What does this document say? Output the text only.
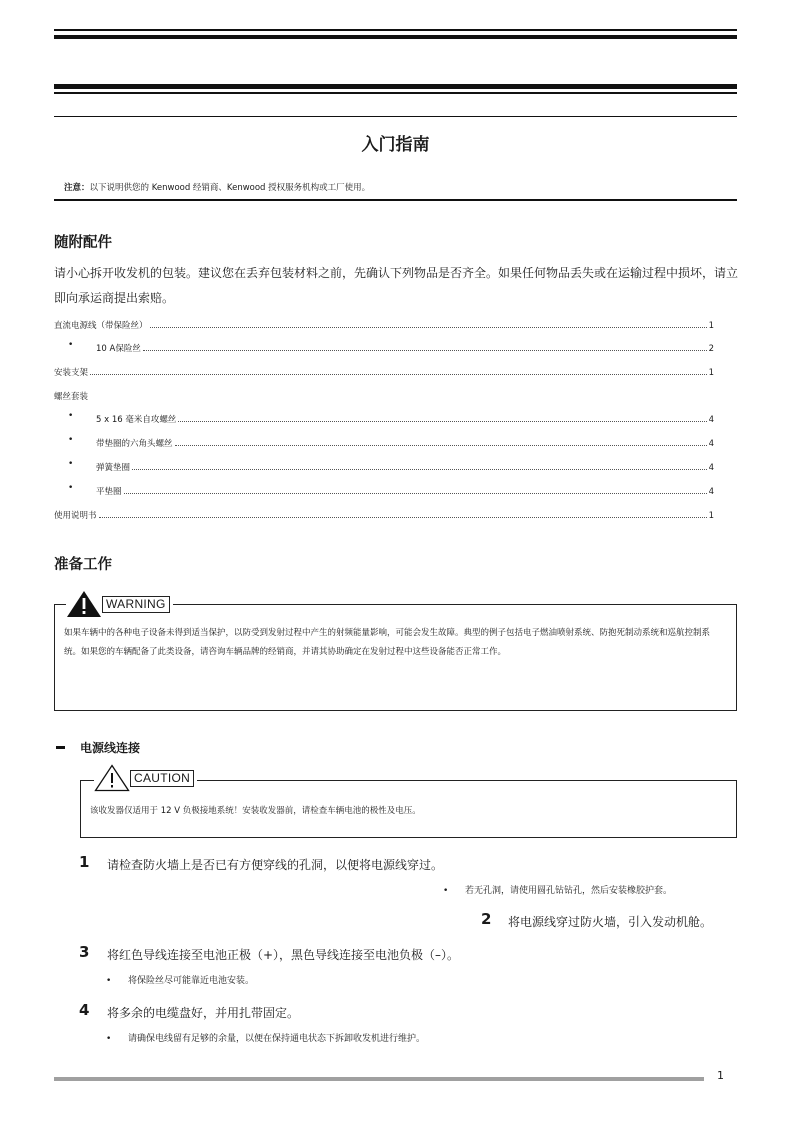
入门指南
注意：以下说明供您的 Kenwood 经销商、Kenwood 授权服务机构或工厂使用。
随附配件
请小心拆开收发机的包装。建议您在丢弃包装材料之前，先确认下列物品是否齐全。如果任何物品丢失或在运输过程中损坏，请立即向承运商提出索赔。
直流电源线（带保险丝）	1
•	10 A保险丝	2
安装支架	1
螺丝套装
•	5 x 16 毫米自攻螺丝	4
•	带垫圈的六角头螺丝	4
•	弹簧垫圈	4
•	平垫圈	4
使用说明书	1
准备工作
如果车辆中的各种电子设备未得到适当保护，以防受到发射过程中产生的射频能量影响，可能会发生故障。典型的例子包括电子燃油喷射系统、防抱死制动系统和巡航控制系统。如果您的车辆配备了此类设备，请咨询车辆品牌的经销商，并请其协助确定在发射过程中这些设备能否正常工作。
WARNING
电源线连接
该收发器仅适用于 12 V 负极接地系统！安装收发器前，请检查车辆电池的极性及电压。
CAUTION
1 请检查防火墙上是否已有方便穿线的孔洞，以便将电源线穿过。
• 若无孔洞，请使用圆孔钻钻孔，然后安装橡胶护套。
2 将电源线穿过防火墙，引入发动机舱。
3 将红色导线连接至电池正极（+），黑色导线连接至电池负极（–）。
• 将保险丝尽可能靠近电池安装。
4 将多余的电缆盘好，并用扎带固定。
• 请确保电线留有足够的余量，以便在保持通电状态下拆卸收发机进行维护。
1
